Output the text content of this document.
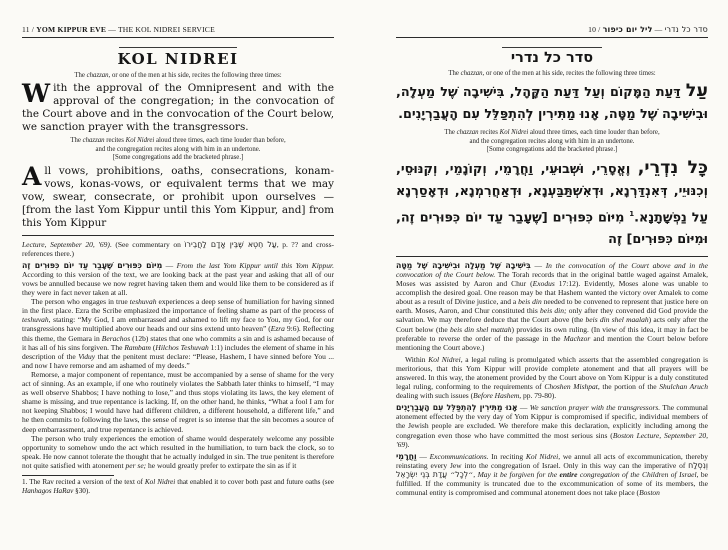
11 / YOM KIPPUR EVE — THE KOL NIDREI SERVICE
KOL NIDREI
The chazzan, or one of the men at his side, recites the following three times:

With the approval of the Omnipresent and with the approval of the congregation; in the convocation of the Court above and in the convocation of the Court below, we sanction prayer with the transgressors.

The chazzan recites Kol Nidrei aloud three times, each time louder than before,
and the congregation recites along with him in an undertone.
[Some congregations add the bracketed phrase.]

All vows, prohibitions, oaths, consecrations, konam-vows, konas-vows, or equivalent terms that we may vow, swear, consecrate, or prohibit upon ourselves — [from the last Yom Kippur until this Yom Kippur, and] from this Yom Kippur

Lecture, September 20, '69). (See commentary on עַל חֵטְא שֶׁבֵּין אָדָם לַחֲבֵירוֹ, p. ?? and cross-references there.)

מִיּוֹם כִּפּוּרִים שֶׁעָבַר עַד יוֹם כִּפּוּרִים זֶה — From the last Yom Kippur until this Yom Kippur. According to this version of the text, we are looking back at the past year and asking that all of our vows be annulled because we now regret having taken them and would like them to be considered as if they were in fact never taken at all.

The person who engages in true teshuvah experiences a deep sense of humiliation for having sinned in the first place. Ezra the Scribe emphasized the importance of feeling shame as part of the process of teshuvah, stating: “My God, I am embarrassed and ashamed to lift my face to You, my God, for our transgressions have multiplied above our heads and our sins extend unto heaven” (Ezra 9:6). Reflecting this theme, the Gemara in Berachos (12b) states that one who commits a sin and is ashamed because of it has all of his sins forgiven. The Rambam (Hilchos Teshuvah 1:1) includes the element of shame in his description of the Viduy that the penitent must declare: “Please, Hashem, I have sinned before You ... and now I have remorse and am ashamed of my deeds.”

Remorse, a major component of repentance, must be accompanied by a sense of shame for the very act of sinning. As an example, if one who routinely violates the Sabbath later thinks to himself, “I may as well observe Shabbos; I have nothing to lose,” and thus stops violating its laws, the key element of shame is missing, and true repentance is lacking. If, on the other hand, he thinks, “What a fool I am for not keeping Shabbos; I would have had different children, a different household, a different life,” and he then commits to following the laws, the sense of regret is so intense that the sin becomes a source of deep embarrassment, and true repentance is achieved.

The person who truly experiences the emotion of shame would desperately welcome any possible opportunity to somehow undo the act which resulted in the humiliation, to turn back the clock, so to speak. He now cannot tolerate the thought that he actually indulged in sin. The true penitent is therefore not quite satisfied with atonement per se; he would greatly prefer to extirpate the sin as if it

1. The Rav recited a version of the text of Kol Nidrei that enabled it to cover both past and future oaths (see Hanhagos HaRav §30).

10 / ליל יום כיפור — סדר כל נדרי
סדר כל נדרי
The chazzan, or one of the men at his side, recites the following three times:

עַל דַּעַת הַמָּקוֹם וְעַל דַּעַת הַקָּהָל, בִּישִׁיבָה שֶׁל מַעְלָה, וּבִישִׁיבָה שֶׁל מַטָּה, אָנוּ מַתִּירִין לְהִתְפַּלֵּל עִם הָעֲבַרְיָנִים.

The chazzan recites Kol Nidrei aloud three times, each time louder than before,
and the congregation recites along with him in an undertone.
[Some congregations add the bracketed phrase.]

כָּל נִדְרֵי, וֶאֱסָרֵי, וּשְׁבוּעֵי, וַחֲרָמֵי, וְקוֹנָמֵי, וְקִנּוּסֵי, וְכִנּוּיֵי, דְּאִנְדַּרְנָא, וּדְאִשְׁתַּבַּעְנָא, וּדְאַחֲרִמְנָא, וּדְאָסַרְנָא עַל נַפְשָׁתָנָא.$^1$ מִיּוֹם כִּפּוּרִים [שֶׁעָבַר עַד יוֹם כִּפּוּרִים זֶה, וּמִיּוֹם כִּפּוּרִים] זֶה

בִּישִׁיבָה שֶׁל מַעְלָה וּבִישִׁיבָה שֶׁל מַטָּה — In the convocation of the Court above and in the convocation of the Court below. The Torah records that in the original battle waged against Amalek, Moses was assisted by Aaron and Chur (Exodus 17:12). Evidently, Moses alone was unable to accomplish the desired goal. One reason may be that Hashem wanted the victory over Amalek to come about as a result of Divine justice, and a beis din needed to be convened to represent that justice here on earth. Moses, Aaron, and Chur constituted this beis din; only after they convened did God provide the salvation. We may therefore deduce that the Court above (the beis din shel maalah) acts only after the Court below (the beis din shel mattah) provides its own ruling. (In view of this idea, it may in fact be preferable to reverse the order of the passage in the Machzor and mention the Court below before mentioning the Court above.)

Within Kol Nidrei, a legal ruling is promulgated which asserts that the assembled congregation is meritorious, that this Yom Kippur will provide complete atonement and that all prayers will be answered. In this way, the atonement provided by the Court above on Yom Kippur is a duly constituted legal ruling, conforming to the requirements of Choshen Mishpat, the portion of the Shulchan Aruch dealing with such issues (Before Hashem, pp. 79-80).

אָנוּ מַתִּירִין לְהִתְפַּלֵּל עִם הָעֲבַרְיָנִים — We sanction prayer with the transgressors. The communal atonement effected by the very day of Yom Kippur is compromised if specific, individual members of the Jewish people are excluded. We therefore make this declaration, explicitly including among the congregation even those who have committed the most serious sins (Boston Lecture, September 20, '69).

וַחֲרָמֵי — Excommunications. In reciting Kol Nidrei, we annul all acts of excommunication, thereby reinstating every Jew into the congregation of Israel. Only in this way can the imperative of וְנִסְלַח ״לְכָל״ עֲדַת בְּנֵי יִשְׂרָאֵל, May it be forgiven for the entire congregation of the Children of Israel, be fulfilled. If the community is truncated due to the excommunication of some of its members, the communal entity is compromised and communal atonement does not take place (Boston
